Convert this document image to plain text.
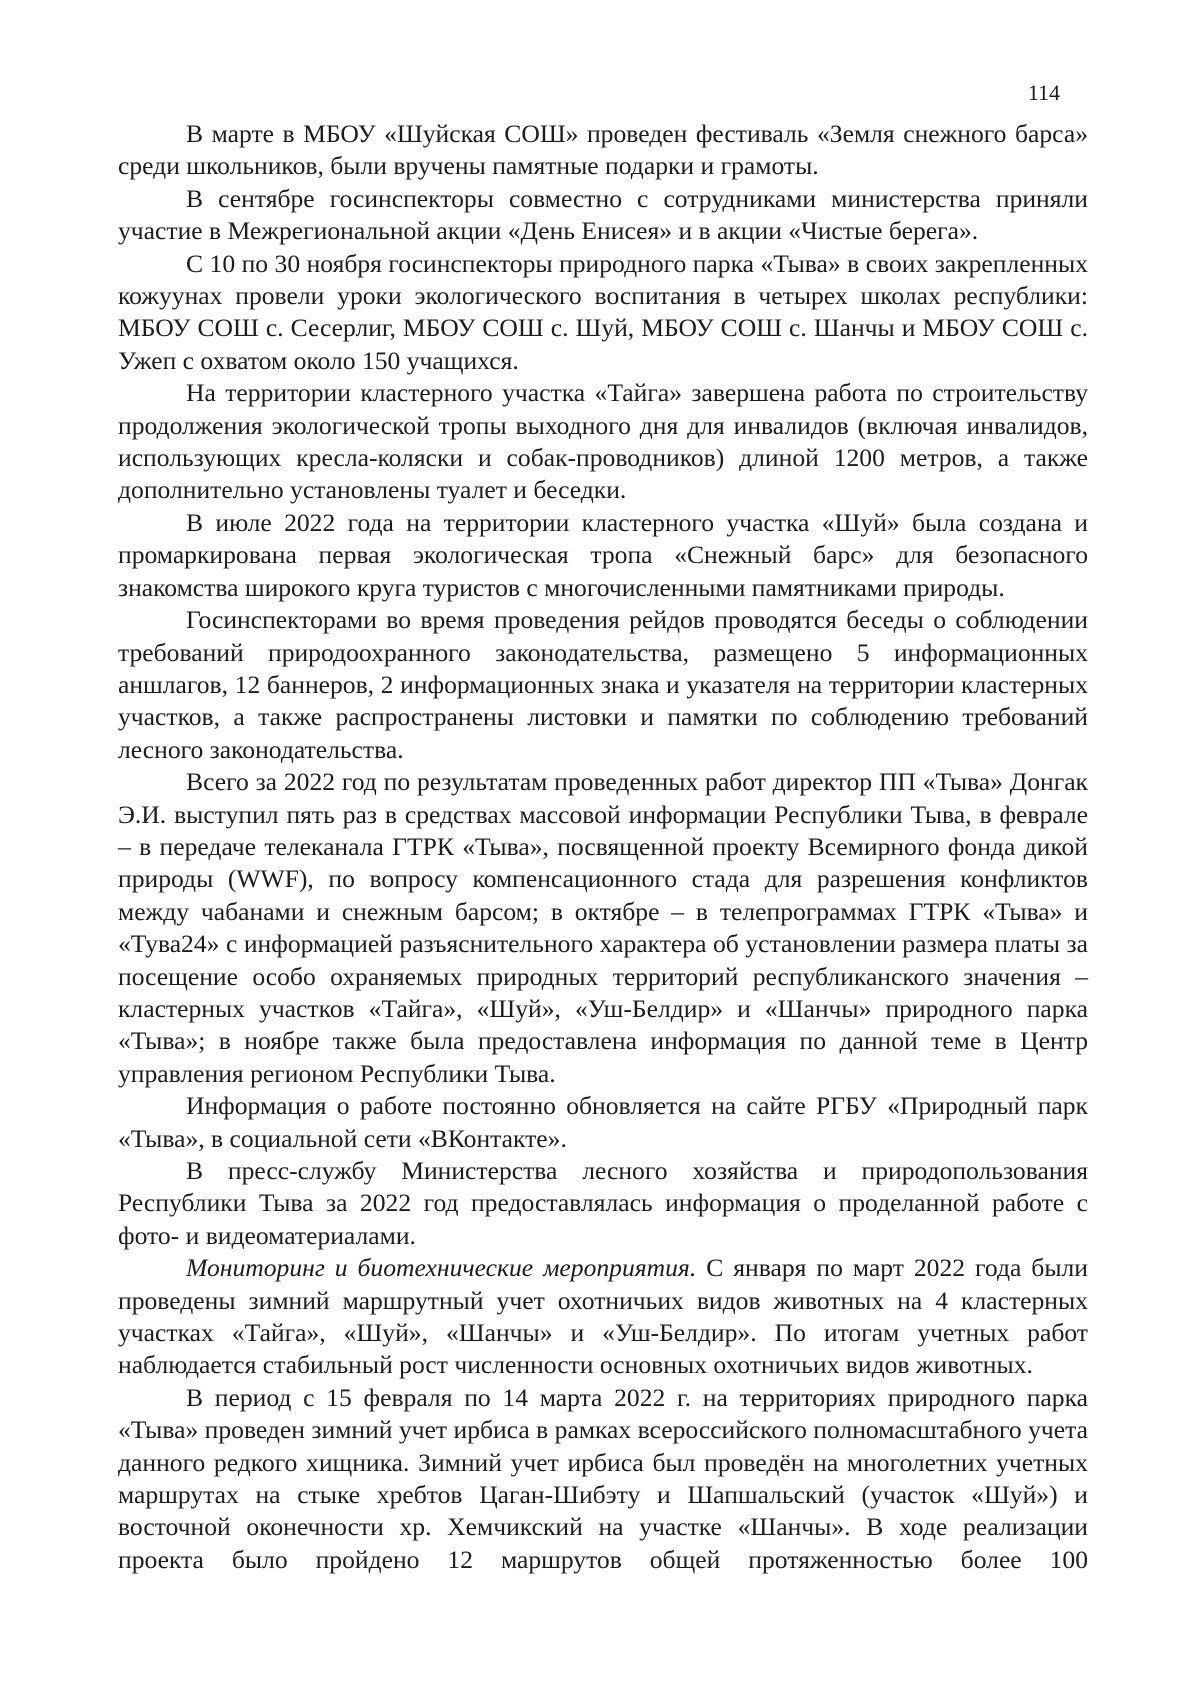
114

В марте в МБОУ «Шуйская СОШ» проведен фестиваль «Земля снежного барса» среди школьников, были вручены памятные подарки и грамоты.

В сентябре госинспекторы совместно с сотрудниками министерства приняли участие в Межрегиональной акции «День Енисея» и в акции «Чистые берега».

С 10 по 30 ноября госинспекторы природного парка «Тыва» в своих закрепленных кожуунах провели уроки экологического воспитания в четырех школах республики: МБОУ СОШ с. Сесерлиг, МБОУ СОШ с. Шуй, МБОУ СОШ с. Шанчы и МБОУ СОШ с. Ужеп с охватом около 150 учащихся.

На территории кластерного участка «Тайга» завершена работа по строительству продолжения экологической тропы выходного дня для инвалидов (включая инвалидов, использующих кресла-коляски и собак-проводников) длиной 1200 метров, а также дополнительно установлены туалет и беседки.

В июле 2022 года на территории кластерного участка «Шуй» была создана и промаркирована первая экологическая тропа «Снежный барс» для безопасного знакомства широкого круга туристов с многочисленными памятниками природы.

Госинспекторами во время проведения рейдов проводятся беседы о соблюдении требований природоохранного законодательства, размещено 5 информационных аншлагов, 12 баннеров, 2 информационных знака и указателя на территории кластерных участков, а также распространены листовки и памятки по соблюдению требований лесного законодательства.

Всего за 2022 год по результатам проведенных работ директор ПП «Тыва» Донгак Э.И. выступил пять раз в средствах массовой информации Республики Тыва, в феврале – в передаче телеканала ГТРК «Тыва», посвященной проекту Всемирного фонда дикой природы (WWF), по вопросу компенсационного стада для разрешения конфликтов между чабанами и снежным барсом; в октябре – в телепрограммах ГТРК «Тыва» и «Тува24» с информацией разъяснительного характера об установлении размера платы за посещение особо охраняемых природных территорий республиканского значения – кластерных участков «Тайга», «Шуй», «Уш-Белдир» и «Шанчы» природного парка «Тыва»; в ноябре также была предоставлена информация по данной теме в Центр управления регионом Республики Тыва.

Информация о работе постоянно обновляется на сайте РГБУ «Природный парк «Тыва», в социальной сети «ВКонтакте».

В пресс-службу Министерства лесного хозяйства и природопользования Республики Тыва за 2022 год предоставлялась информация о проделанной работе с фото- и видеоматериалами.

Мониторинг и биотехнические мероприятия. С января по март 2022 года были проведены зимний маршрутный учет охотничьих видов животных на 4 кластерных участках «Тайга», «Шуй», «Шанчы» и «Уш-Белдир». По итогам учетных работ наблюдается стабильный рост численности основных охотничьих видов животных.

В период с 15 февраля по 14 марта 2022 г. на территориях природного парка «Тыва» проведен зимний учет ирбиса в рамках всероссийского полномасштабного учета данного редкого хищника. Зимний учет ирбиса был проведён на многолетних учетных маршрутах на стыке хребтов Цаган-Шибэту и Шапшальский (участок «Шуй») и восточной оконечности хр. Хемчикский на участке «Шанчы». В ходе реализации проекта было пройдено 12 маршрутов общей протяженностью более 100
